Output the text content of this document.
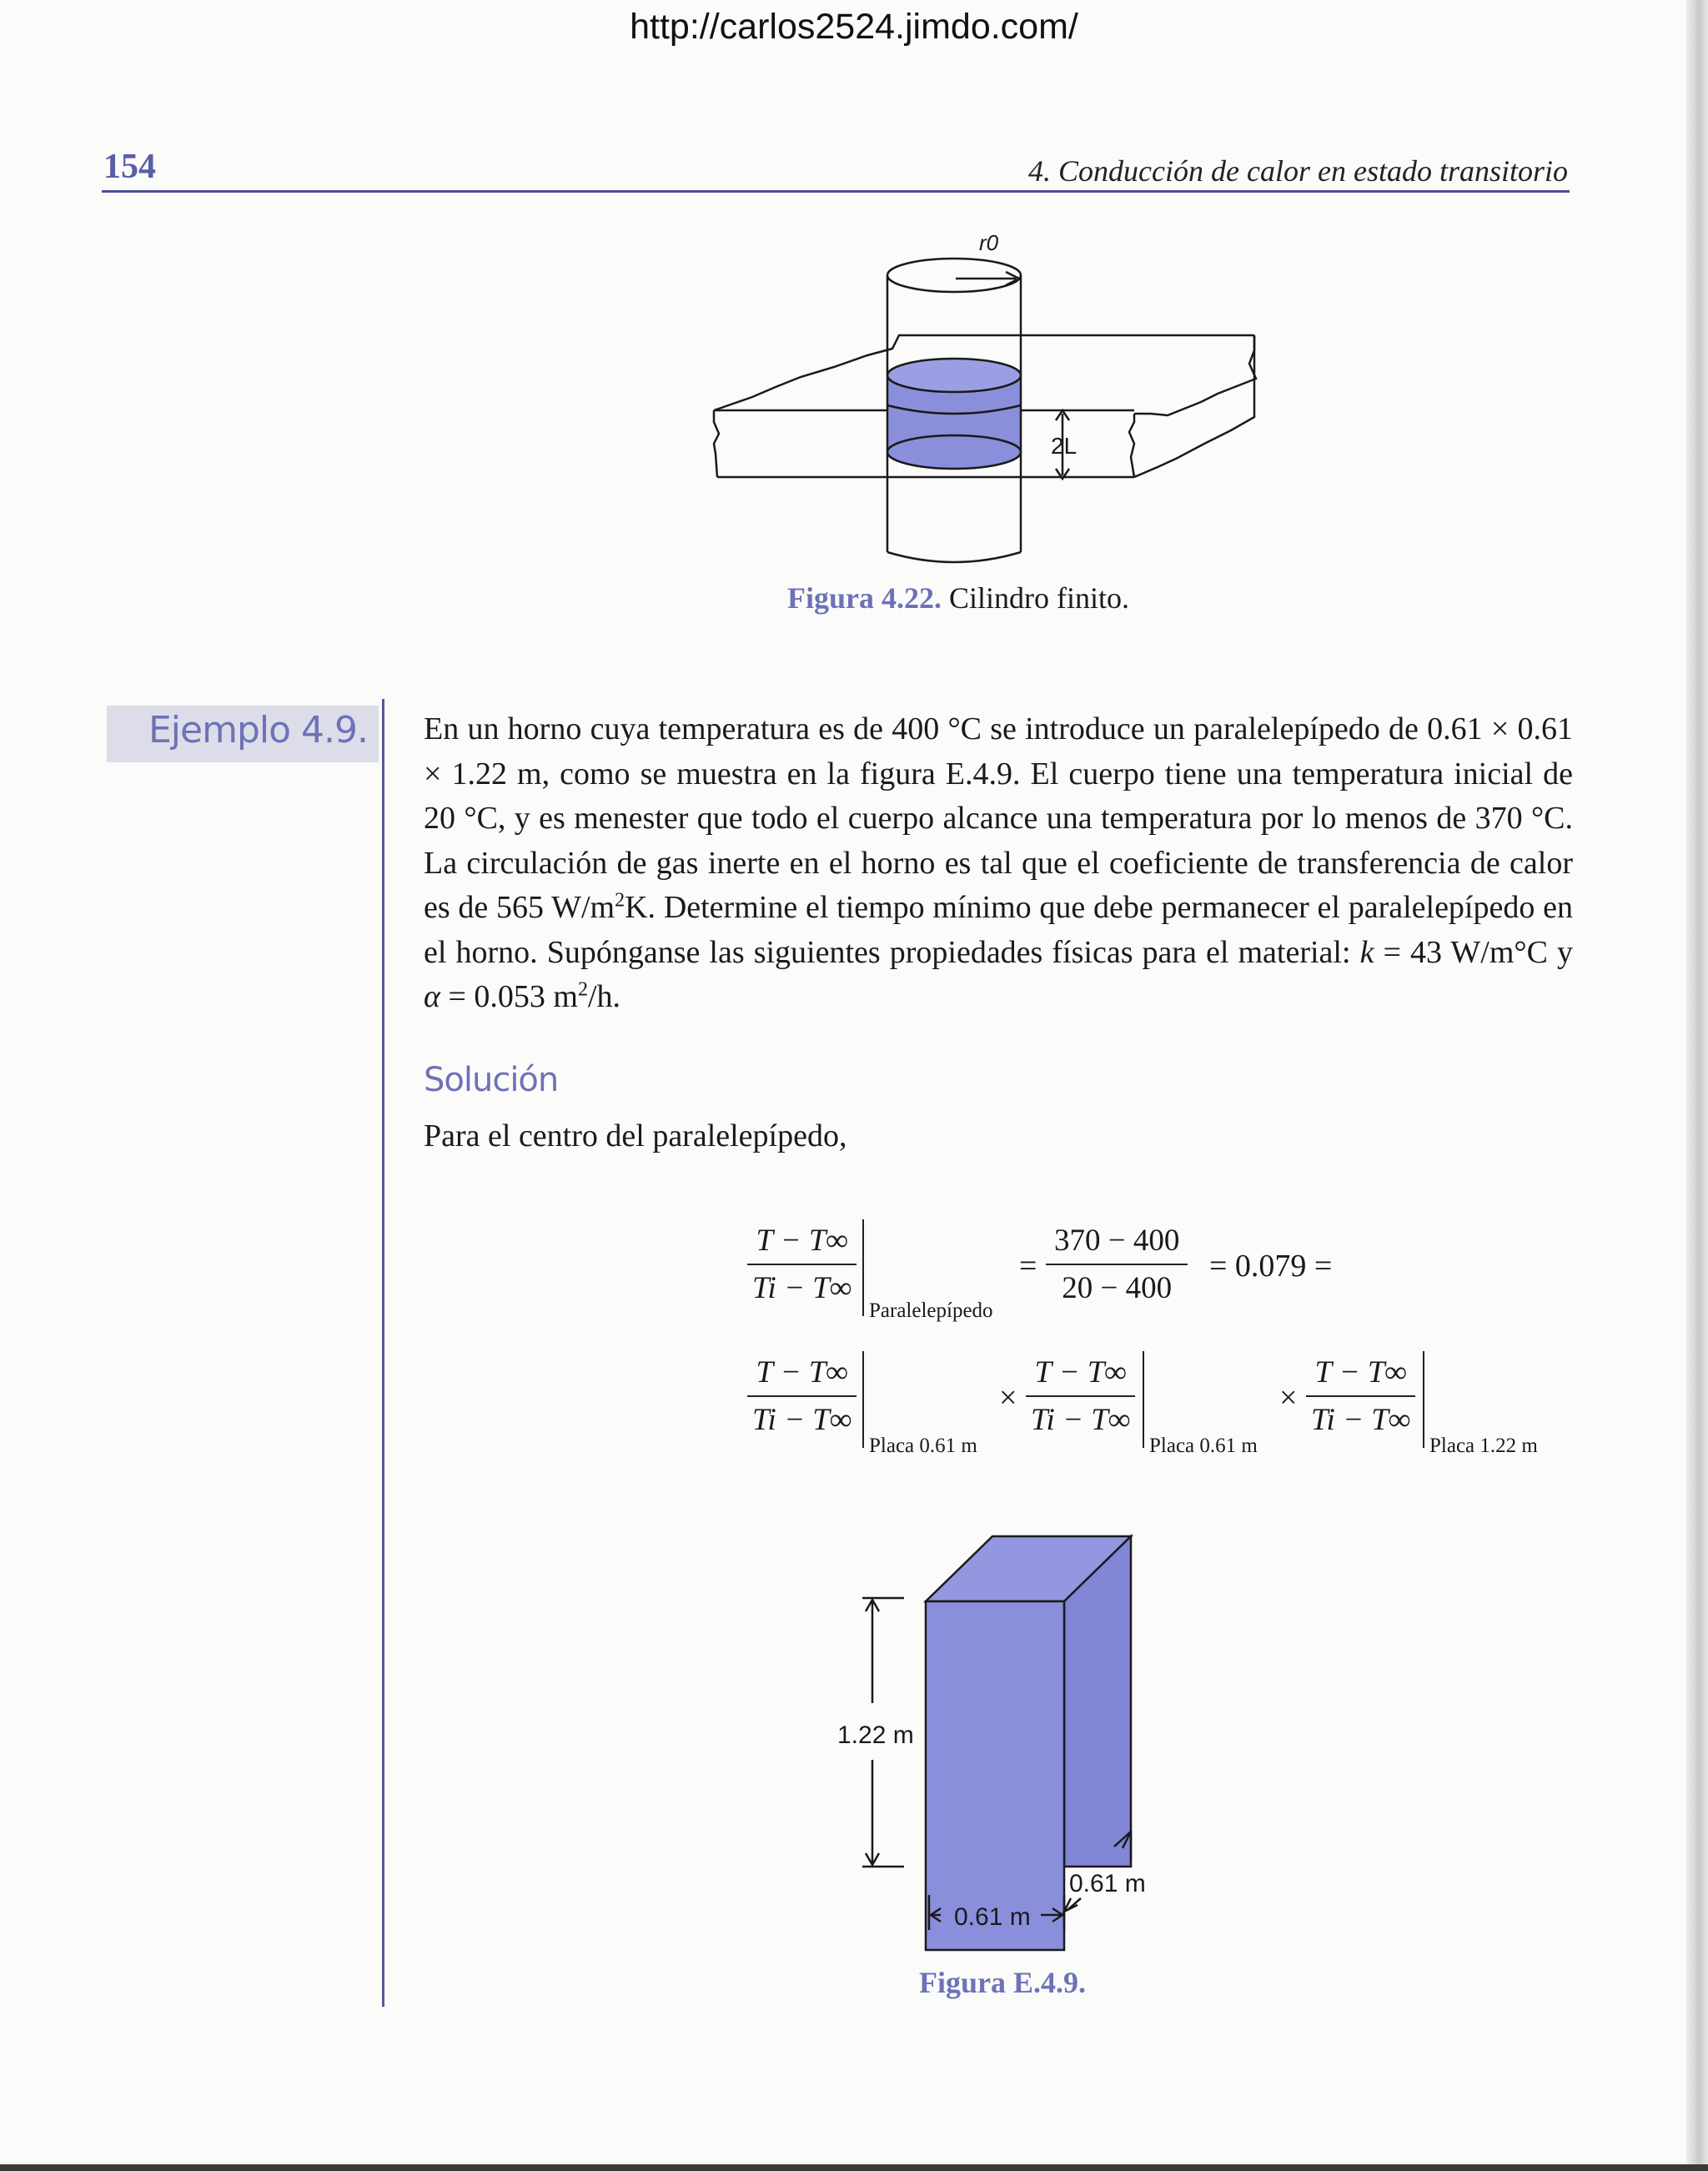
http://carlos2524.jimdo.com/
154	4. Conducción de calor en estado transitorio
r0
2L
Figura 4.22. Cilindro finito.
Ejemplo 4.9. En un horno cuya temperatura es de 400 °C se introduce un paralelepípedo de 0.61 × 0.61 × 1.22 m, como se muestra en la figura E.4.9. El cuerpo tiene una temperatura inicial de 20 °C, y es menester que todo el cuerpo alcance una temperatura por lo menos de 370 °C. La circulación de gas inerte en el horno es tal que el coeficiente de transferencia de calor es de 565 $W/m^2K$. Determine el tiempo mínimo que debe permanecer el paralelepípedo en el horno. Supónganse las siguientes propiedades físicas para el material: k = 43 W/m°C y α = 0.053 $m^2/h$.
Solución
Para el centro del paralelepípedo,
$\frac{T - T\infty}{Ti - T\infty}$
Paralelepípedo
= $\frac{370 - 400}{20 - 400} = 0.079$ =
$\frac{T - T\infty}{Ti - T\infty}$
Placa 0.61 m
× $\frac{T - T\infty}{Ti - T\infty}$
Placa 0.61 m
× $\frac{T - T\infty}{Ti - T\infty}$
Placa 1.22 m
1.22 m
0.61 m
0.61 m
Figura E.4.9.
